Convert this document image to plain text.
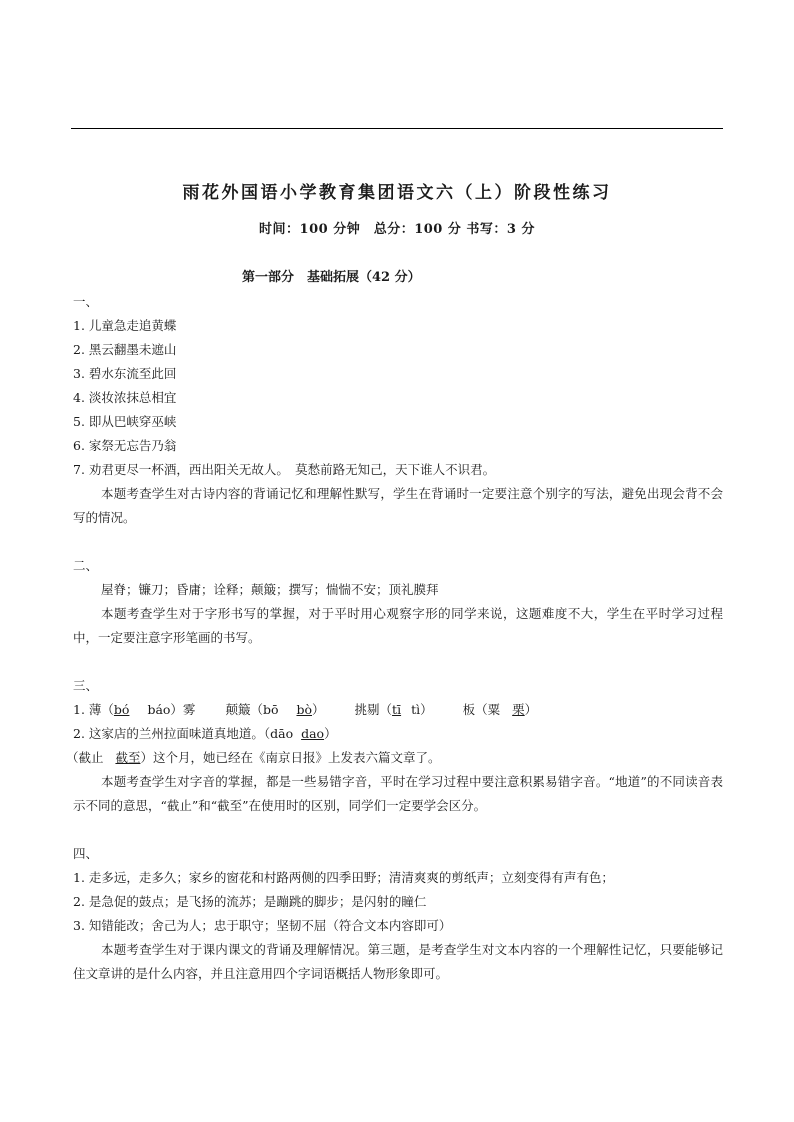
雨花外国语小学教育集团语文六（上）阶段性练习
时间：100 分钟　总分：100 分 书写：3 分
第一部分　基础拓展（42 分）
一、
1. 儿童急走追黄蝶
2. 黑云翻墨未遮山
3. 碧水东流至此回
4. 淡妆浓抹总相宜
5. 即从巴峡穿巫峡
6. 家祭无忘告乃翁
7. 劝君更尽一杯酒，西出阳关无故人。　莫愁前路无知己，天下谁人不识君。
本题考查学生对古诗内容的背诵记忆和理解性默写，学生在背诵时一定要注意个别字的写法，避免出现会背不会写的情况。
二、
屋脊；镰刀；昏庸；诠释；颠簸；撰写；惴惴不安；顶礼膜拜
本题考查学生对于字形书写的掌握，对于平时用心观察字形的同学来说，这题难度不大，学生在平时学习过程中，一定要注意字形笔画的书写。
三、
1. 薄（bó báo）雾 颠簸（bō bò） 挑剔（tī tì） 板（粟 栗）
2. 这家店的兰州拉面味道真地道。（dāo dao）
（截止 截至）这个月，她已经在《南京日报》上发表六篇文章了。
本题考查学生对字音的掌握，都是一些易错字音，平时在学习过程中要注意积累易错字音。“地道”的不同读音表示不同的意思，“截止”和“截至”在使用时的区别，同学们一定要学会区分。
四、
1. 走多远，走多久；家乡的窗花和村路两侧的四季田野；清清爽爽的剪纸声；立刻变得有声有色；
2. 是急促的鼓点；是飞扬的流苏；是蹦跳的脚步；是闪射的瞳仁
3. 知错能改；舍己为人；忠于职守；坚韧不屈（符合文本内容即可）
本题考查学生对于课内课文的背诵及理解情况。第三题，是考查学生对文本内容的一个理解性记忆，只要能够记住文章讲的是什么内容，并且注意用四个字词语概括人物形象即可。
